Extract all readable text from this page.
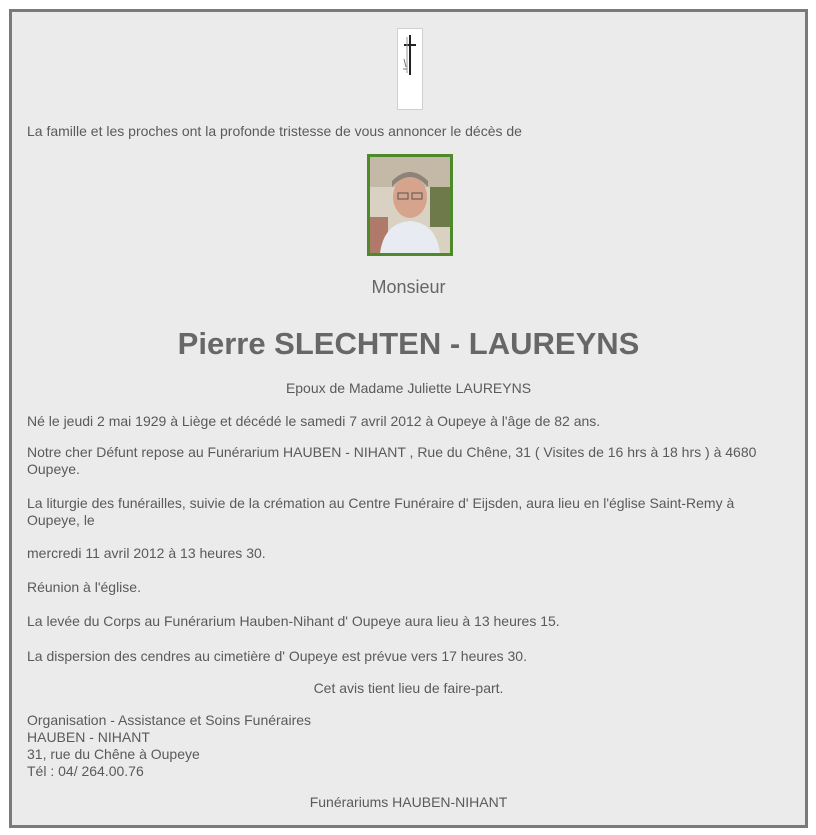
La famille et les proches ont la profonde tristesse de vous annoncer le décès de
Monsieur
Pierre SLECHTEN - LAUREYNS
Epoux de Madame Juliette LAUREYNS
Né le jeudi 2 mai 1929 à Liège et décédé le samedi 7 avril 2012 à Oupeye à l'âge de 82 ans.
Notre cher Défunt repose au Funérarium HAUBEN - NIHANT , Rue du Chêne, 31 ( Visites de 16 hrs à 18 hrs ) à 4680 Oupeye.
La liturgie des funérailles, suivie de la crémation au Centre Funéraire d' Eijsden, aura lieu en l'église Saint-Remy à Oupeye, le
mercredi 11 avril 2012 à 13 heures 30.
Réunion à l'église.
La levée du Corps au Funérarium Hauben-Nihant d' Oupeye aura lieu à 13 heures 15.
La dispersion des cendres au cimetière d' Oupeye est prévue vers 17 heures 30.
Cet avis tient lieu de faire-part.
Organisation - Assistance et Soins Funéraires
HAUBEN - NIHANT
31, rue du Chêne à Oupeye
Tél : 04/ 264.00.76
Funérariums HAUBEN-NIHANT
